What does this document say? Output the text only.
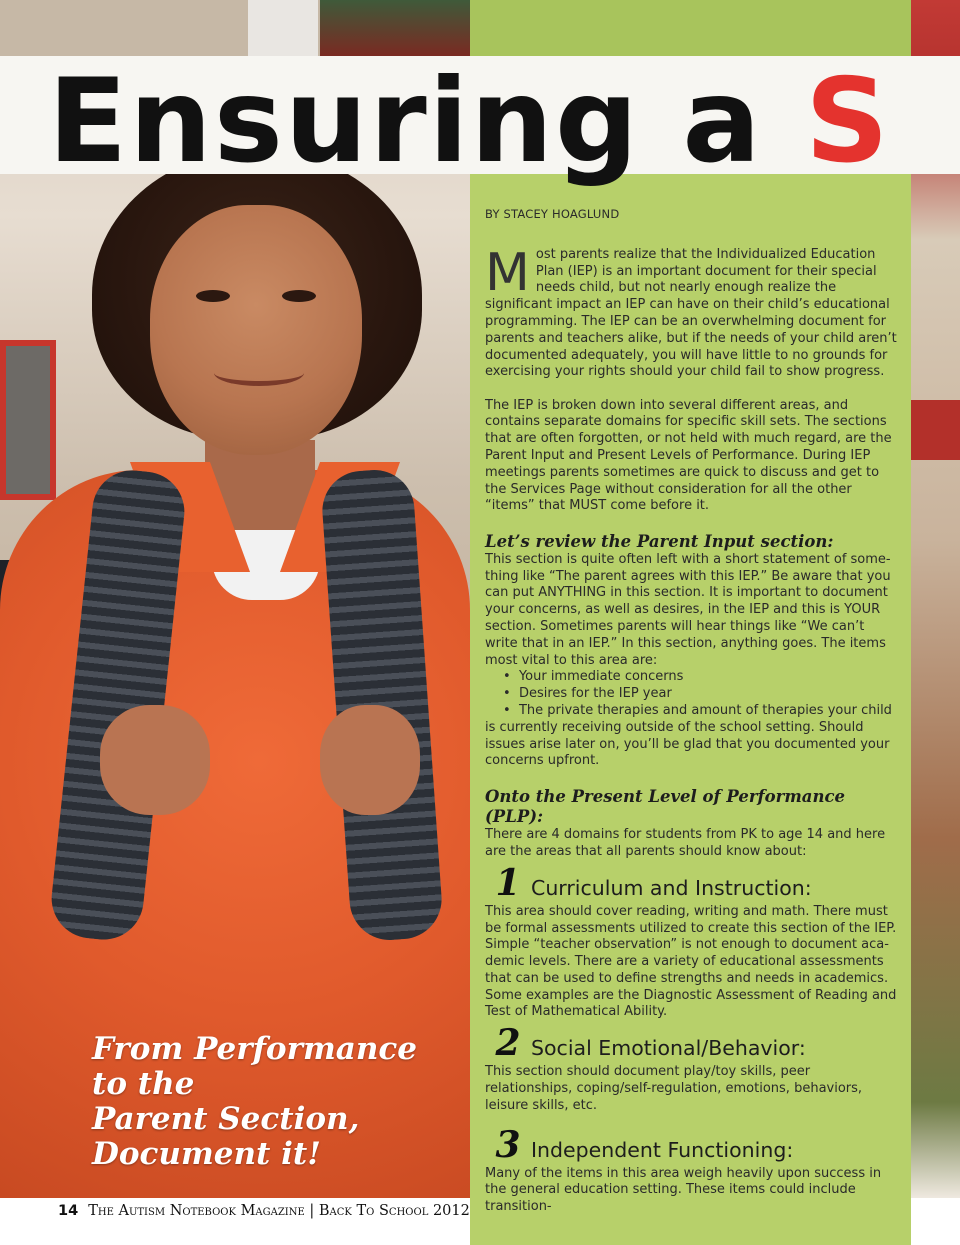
From Performance
to the
Parent Section,
Document it!
Ensuring a S
BY STACEY HOAGLUND
Most parents realize that the Individualized Education Plan (IEP) is an important document for their special needs child, but not nearly enough realize the significant impact an IEP can have on their child’s educational programming. The IEP can be an overwhelming document for parents and teachers alike, but if the needs of your child aren’t documented adequately, you will have little to no grounds for exercising your rights should your child fail to show progress.
The IEP is broken down into several different areas, and contains separate domains for specific skill sets. The sections that are often forgotten, or not held with much regard, are the Parent Input and Present Levels of Performance. During IEP meetings parents sometimes are quick to discuss and get to the Services Page without consideration for all the other “items” that MUST come before it.
Let’s review the Parent Input section:
This section is quite often left with a short statement of some-thing like “The parent agrees with this IEP.” Be aware that you can put ANYTHING in this section. It is important to document your concerns, as well as desires, in the IEP and this is YOUR section. Sometimes parents will hear things like “We can’t write that in an IEP.” In this section, anything goes. The items most vital to this area are:
•  Your immediate concerns
•  Desires for the IEP year
•  The private therapies and amount of therapies your child is currently receiving outside of the school setting. Should issues arise later on, you’ll be glad that you documented your concerns upfront.
Onto the Present Level of Performance (PLP):
There are 4 domains for students from PK to age 14 and here are the areas that all parents should know about:
1 Curriculum and Instruction:
This area should cover reading, writing and math. There must be formal assessments utilized to create this section of the IEP. Simple “teacher observation” is not enough to document aca-demic levels. There are a variety of educational assessments that can be used to define strengths and needs in academics. Some examples are the Diagnostic Assessment of Reading and Test of Mathematical Ability.
2 Social Emotional/Behavior:
This section should document play/toy skills, peer relationships, coping/self-regulation, emotions, behaviors, leisure skills, etc.
3 Independent Functioning:
Many of the items in this area weigh heavily upon success in the general education setting. These items could include transition-
14 The Autism Notebook Magazine | Back To School 2012
